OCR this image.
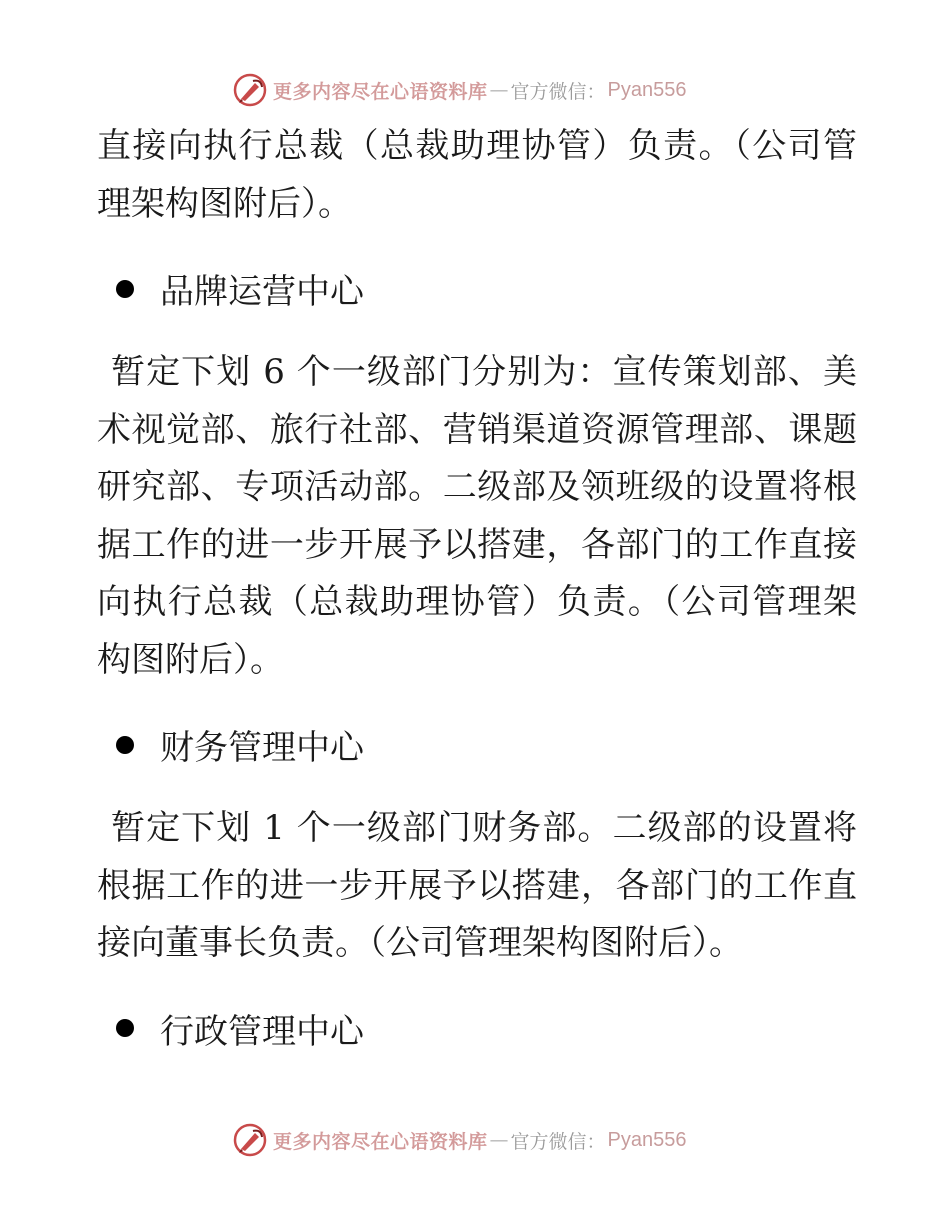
更多内容尽在心语资料库 — 官方微信： Pyan556

直接向执行总裁（总裁助理协管）负责。（公司管理架构图附后）。

品牌运营中心

暂定下划 6 个一级部门分别为：宣传策划部、美术视觉部、旅行社部、营销渠道资源管理部、课题研究部、专项活动部。二级部及领班级的设置将根据工作的进一步开展予以搭建，各部门的工作直接向执行总裁（总裁助理协管）负责。（公司管理架构图附后）。

财务管理中心

暂定下划 1 个一级部门财务部。二级部的设置将根据工作的进一步开展予以搭建，各部门的工作直接向董事长负责。（公司管理架构图附后）。

行政管理中心
更多内容尽在心语资料库 — 官方微信： Pyan556
